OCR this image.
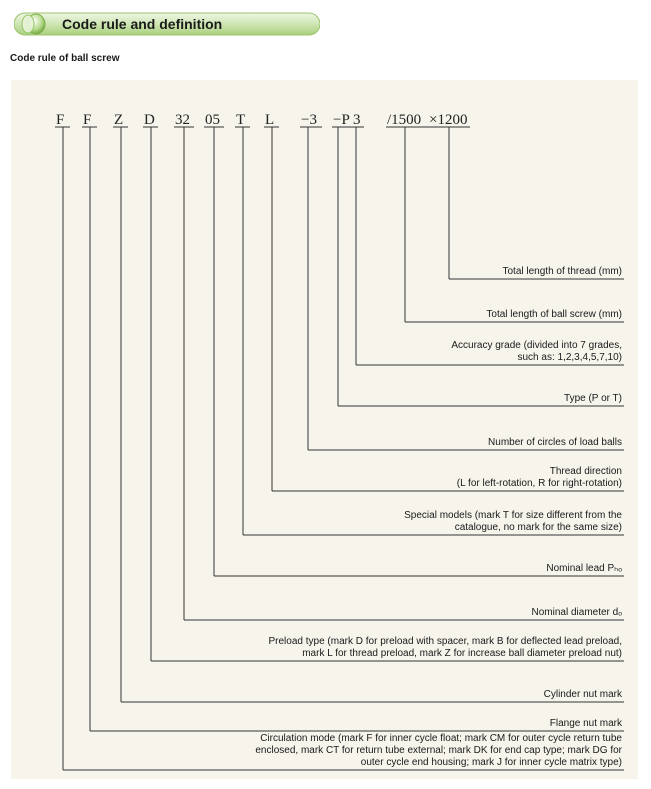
Code rule and definition
Code rule of ball screw
F F Z D 32 05 T L −3 −P 3 /1500 ×1200
Total length of thread (mm)
Total length of ball screw (mm)
Accuracy grade (divided into 7 grades,
such as: 1,2,3,4,5,7,10)
Type (P or T)
Number of circles of load balls
Thread direction
(L for left-rotation, R for right-rotation)
Special models (mark T for size different from the
catalogue, no mark for the same size)
Nominal lead Pₕₒ
Nominal diameter dₒ
Preload type (mark D for preload with spacer, mark B for deflected lead preload,
mark L for thread preload, mark Z for increase ball diameter preload nut)
Cylinder nut mark
Flange nut mark
Circulation mode (mark F for inner cycle float; mark CM for outer cycle return tube
enclosed, mark CT for return tube external; mark DK for end cap type; mark DG for
outer cycle end housing; mark J for inner cycle matrix type)
